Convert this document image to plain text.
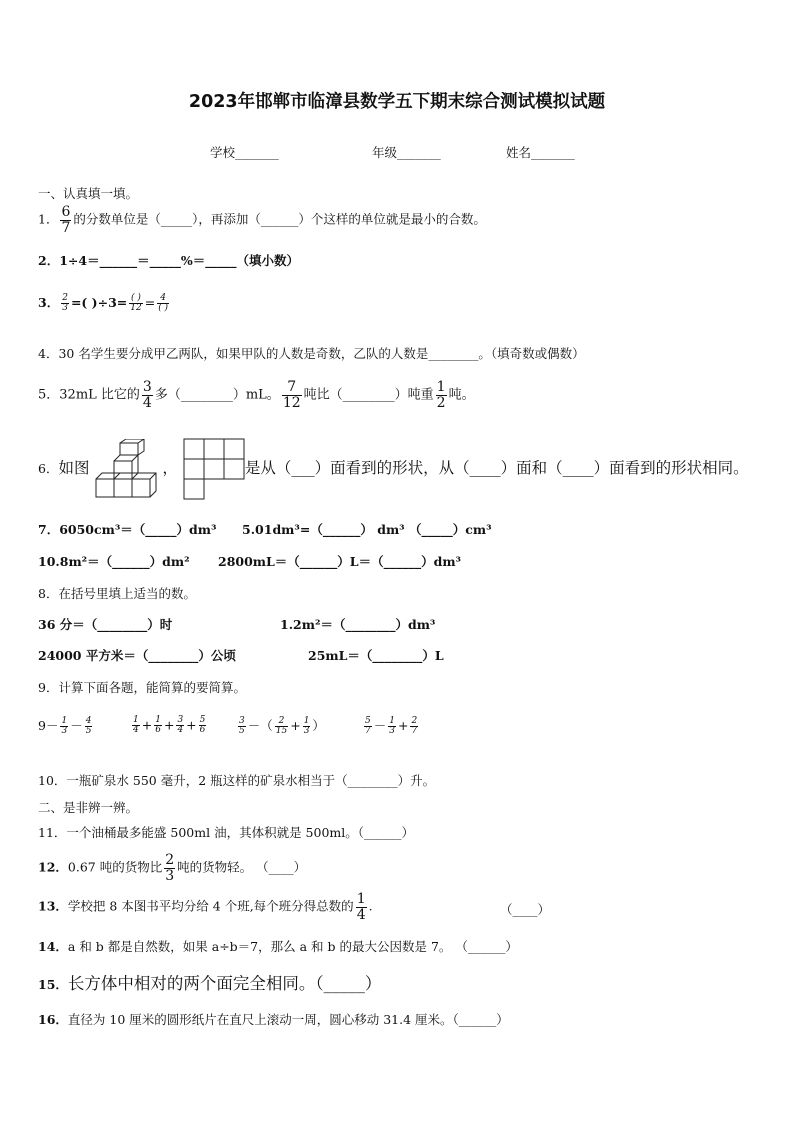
2023年邯郸市临漳县数学五下期末综合测试模拟试题
学校_______	年级_______	姓名_______
一、认真填一填。
1． $\frac{6}{7}$ 的分数单位是（_____），再添加（______）个这样的单位就是最小的合数。
2．1÷4＝______＝_____%＝_____（填小数）
3． $\frac{2}{3}$ =( )$\div 3= \frac{( )}{12} = \frac{4}{( )}$
4．30 名学生要分成甲乙两队，如果甲队的人数是奇数，乙队的人数是________。（填奇数或偶数）
5．32mL 比它的 $\frac{3}{4}$ 多（________）mL。 $\frac{7}{12}$ 吨比（________）吨重 $\frac{1}{2}$ 吨。
6．如图	，	是从（___）面看到的形状，从（____）面和（____）面看到的形状相同。
7．6050cm³＝（_____）dm³ 5.01dm³=（______） dm³ （_____）cm³
10.8m²＝（______）dm² 2800mL＝（______）L＝（______）dm³
8．在括号里填上适当的数。
36 分＝（________）时	1.2m²＝（________）dm³
24000 平方米＝（________）公顷	25mL＝（________）L
9．计算下面各题，能简算的要简算。
$9- \frac{1}{3} - \frac{4}{5}$	$\frac{1}{4} + \frac{1}{6} + \frac{3}{4} + \frac{5}{6}$	$\frac{3}{5}$ －（ $\frac{2}{15} + \frac{1}{3}$ ）	$\frac{5}{7} - \frac{1}{3} + \frac{2}{7}$
10．一瓶矿泉水 550 毫升，2 瓶这样的矿泉水相当于（________）升。
二、是非辨一辨。
11．一个油桶最多能盛 500ml 油，其体积就是 500ml。（______）
12．0.67 吨的货物比 $\frac{2}{3}$ 吨的货物轻。 （____）
13．学校把 8 本图书平均分给 4 个班,每个班分得总数的 $\frac{1}{4}$ .	（____）
14．a 和 b 都是自然数，如果 a÷b＝7，那么 a 和 b 的最大公因数是 7。 （______）
15．长方体中相对的两个面完全相同。（_____）
16．直径为 10 厘米的圆形纸片在直尺上滚动一周，圆心移动 31.4 厘米。（______）
